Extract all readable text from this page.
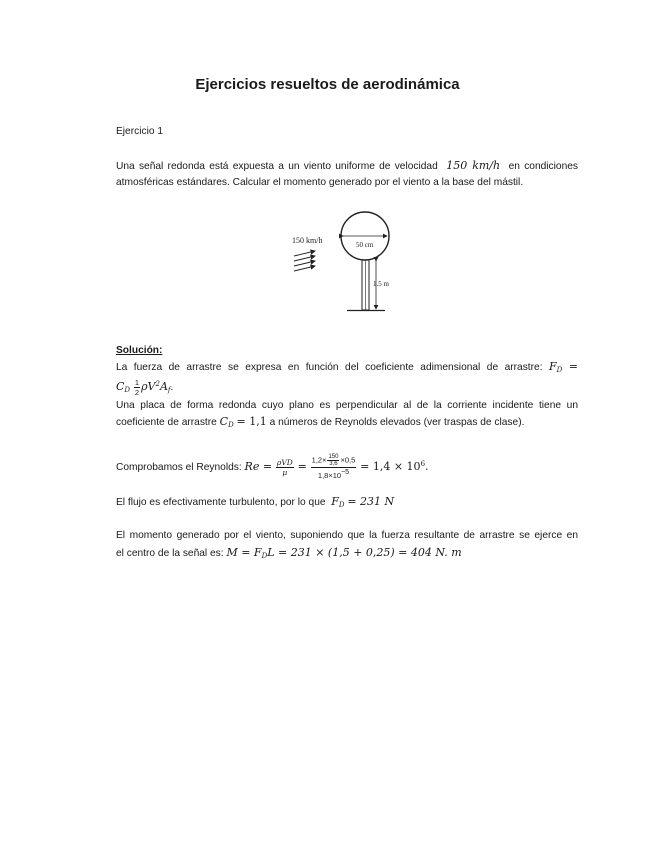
Ejercicios resueltos de aerodinámica
Ejercicio 1
Una señal redonda está expuesta a un viento uniforme de velocidad 150 km/h en condiciones
atmosféricas estándares. Calcular el momento generado por el viento a la base del mástil.
150 km/h	50 cm
1.5 m
Solución:
La fuerza de arrastre se expresa en función del coeficiente adimensional de arrastre: $F_D$ =
$C_D \frac{1}{2} \rho V^2A_f$.
Una placa de forma redonda cuyo plano es perpendicular al de la corriente incidente tiene un
coeficiente de arrastre $C_D = 1,1$ a números de Reynolds elevados (ver traspas de clase).
Comprobamos el Reynolds: $Re = \frac{\text{ρVD}}{\mu} = \frac{1,2\times \frac{150}{3,6} \times 0,5}{1,8\times 10^{-5}} = 1,4 \times 10^6$.
El flujo es efectivamente turbulento, por lo que $F_D = 231$ N
El momento generado por el viento, suponiendo que la fuerza resultante de arrastre se ejerce en
el centro de la señal es: $M = F_DL = 231 \times (1,5 + 0,25) = 404$ N. m
